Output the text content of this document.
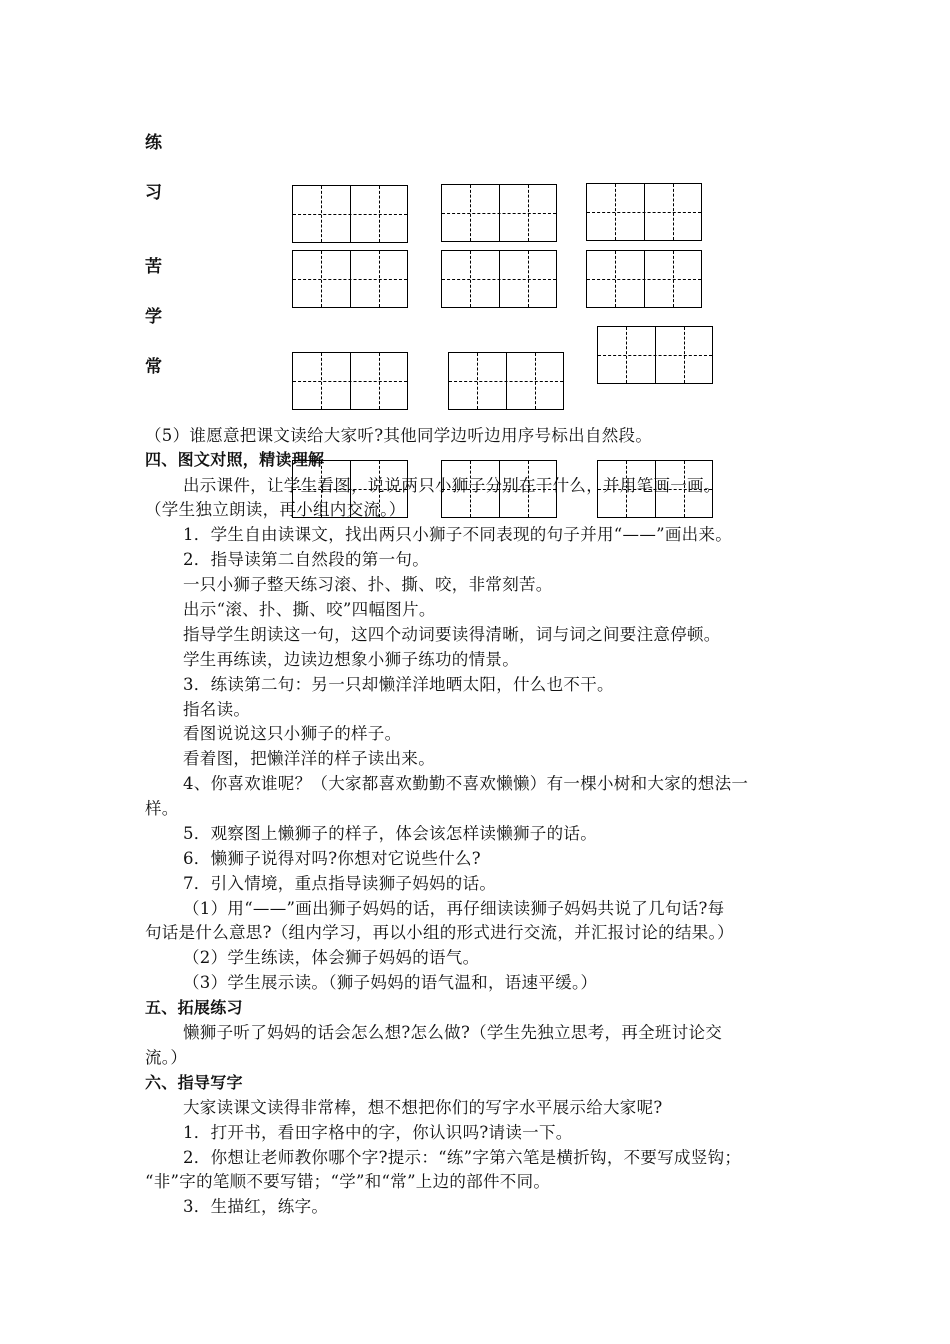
练
习
苦
学
常
（5）谁愿意把课文读给大家听?其他同学边听边用序号标出自然段。
四、图文对照，精读理解
出示课件，让学生看图，说说两只小狮子分别在干什么，并用笔画一画。
（学生独立朗读，再小组内交流。）
1．学生自由读课文，找出两只小狮子不同表现的句子并用“——”画出来。
2．指导读第二自然段的第一句。
一只小狮子整天练习滚、扑、撕、咬，非常刻苦。
出示“滚、扑、撕、咬”四幅图片。
指导学生朗读这一句，这四个动词要读得清晰，词与词之间要注意停顿。
学生再练读，边读边想象小狮子练功的情景。
3．练读第二句：另一只却懒洋洋地晒太阳，什么也不干。
指名读。
看图说说这只小狮子的样子。
看着图，把懒洋洋的样子读出来。
4、你喜欢谁呢？（大家都喜欢勤勤不喜欢懒懒）有一棵小树和大家的想法一
样。
5．观察图上懒狮子的样子，体会该怎样读懒狮子的话。
6．懒狮子说得对吗?你想对它说些什么?
7．引入情境，重点指导读狮子妈妈的话。
（1）用“——”画出狮子妈妈的话，再仔细读读狮子妈妈共说了几句话?每
句话是什么意思?（组内学习，再以小组的形式进行交流，并汇报讨论的结果。）
（2）学生练读，体会狮子妈妈的语气。
（3）学生展示读。（狮子妈妈的语气温和，语速平缓。）
五、拓展练习
懒狮子听了妈妈的话会怎么想?怎么做?（学生先独立思考，再全班讨论交
流。）
六、指导写字
大家读课文读得非常棒，想不想把你们的写字水平展示给大家呢?
1．打开书，看田字格中的字，你认识吗?请读一下。
2．你想让老师教你哪个字?提示：“练”字第六笔是横折钩，不要写成竖钩；
“非”字的笔顺不要写错；“学”和“常”上边的部件不同。
3．生描红，练字。
